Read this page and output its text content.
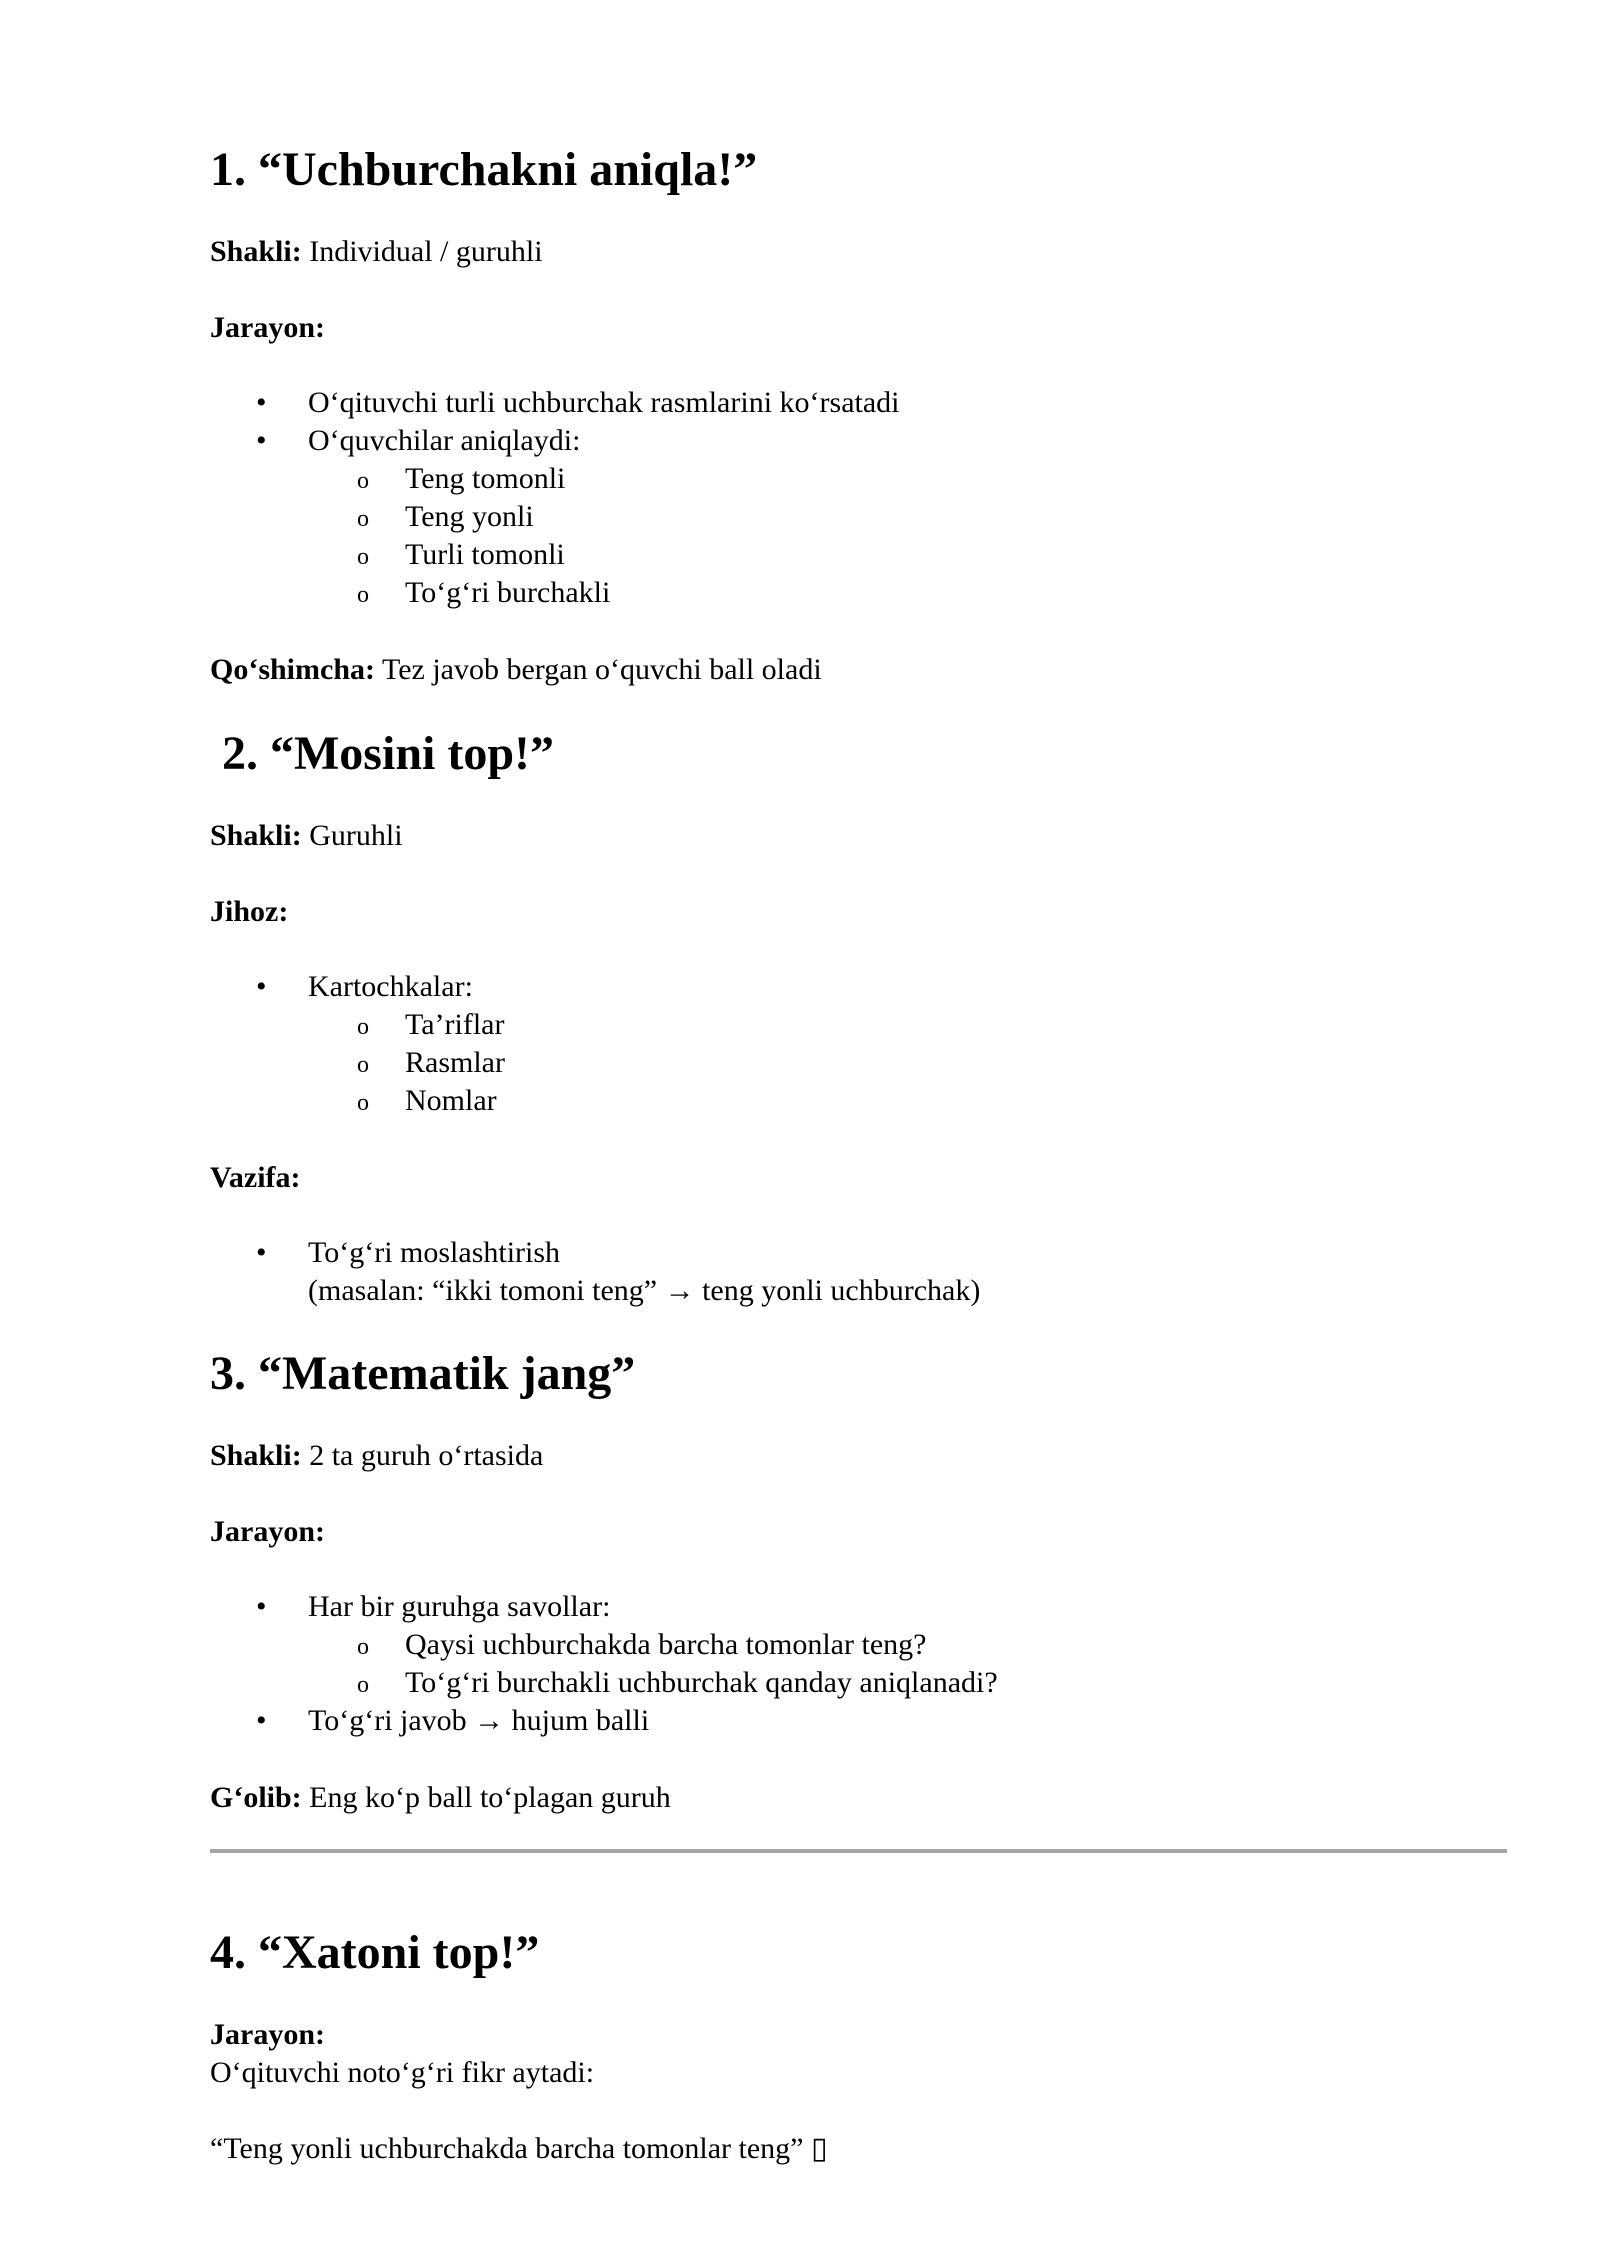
1. “Uchburchakni aniqla!”
Shakli: Individual / guruhli
Jarayon:
•
O‘qituvchi turli uchburchak rasmlarini ko‘rsatadi
•
O‘quvchilar aniqlaydi:
o
Teng tomonli
o
Teng yonli
o
Turli tomonli
o
To‘g‘ri burchakli
Qo‘shimcha: Tez javob bergan o‘quvchi ball oladi
2. “Mosini top!”
Shakli: Guruhli
Jihoz:
•
Kartochkalar:
o
Ta’riflar
o
Rasmlar
o
Nomlar
Vazifa:
•
To‘g‘ri moslashtirish
(masalan: “ikki tomoni teng” → teng yonli uchburchak)
3. “Matematik jang”
Shakli: 2 ta guruh o‘rtasida
Jarayon:
•
Har bir guruhga savollar:
o
Qaysi uchburchakda barcha tomonlar teng?
o
To‘g‘ri burchakli uchburchak qanday aniqlanadi?
•
To‘g‘ri javob → hujum balli
G‘olib: Eng ko‘p ball to‘plagan guruh
4. “Xatoni top!”
Jarayon:
O‘qituvchi noto‘g‘ri fikr aytadi:
“Teng yonli uchburchakda barcha tomonlar teng” ▯
